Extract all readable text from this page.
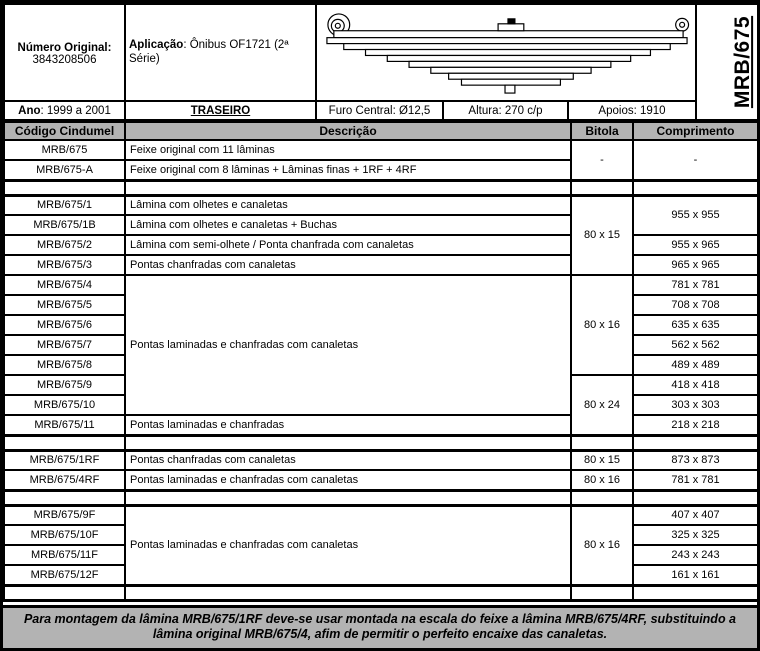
Número Original:
3843208506	Aplicação: Ônibus OF1721 (2ª Série)				MRB/675
Ano: 1999 a 2001	TRASEIRO	Furo Central: Ø12,5	Altura: 270 c/p	Apoios: 1910	
Código Cindumel	Descrição	Bitola	Comprimento
MRB/675	Feixe original com 11 lâminas	-	-
MRB/675-A	Feixe original com 8 lâminas + Lâminas finas + 1RF + 4RF		

MRB/675/1	Lâmina com olhetes e canaletas	80 x 15	955 x 955
MRB/675/1B	Lâmina com olhetes e canaletas + Buchas		
MRB/675/2	Lâmina com semi-olhete / Ponta chanfrada com canaletas		955 x 965
MRB/675/3	Pontas chanfradas com canaletas		965 x 965
MRB/675/4	Pontas laminadas e chanfradas com canaletas	80 x 16	781 x 781
MRB/675/5			708 x 708
MRB/675/6			635 x 635
MRB/675/7			562 x 562
MRB/675/8			489 x 489
MRB/675/9		80 x 24	418 x 418
MRB/675/10			303 x 303
MRB/675/11	Pontas laminadas e chanfradas		218 x 218

MRB/675/1RF	Pontas chanfradas com canaletas	80 x 15	873 x 873
MRB/675/4RF	Pontas laminadas e chanfradas com canaletas	80 x 16	781 x 781

MRB/675/9F	Pontas laminadas e chanfradas com canaletas	80 x 16	407 x 407
MRB/675/10F			325 x 325
MRB/675/11F			243 x 243
MRB/675/12F			161 x 161

Para montagem da lâmina MRB/675/1RF deve-se usar montada na escala do feixe a lâmina MRB/675/4RF, substituindo a lâmina original MRB/675/4, afim de permitir o perfeito encaixe das canaletas.
